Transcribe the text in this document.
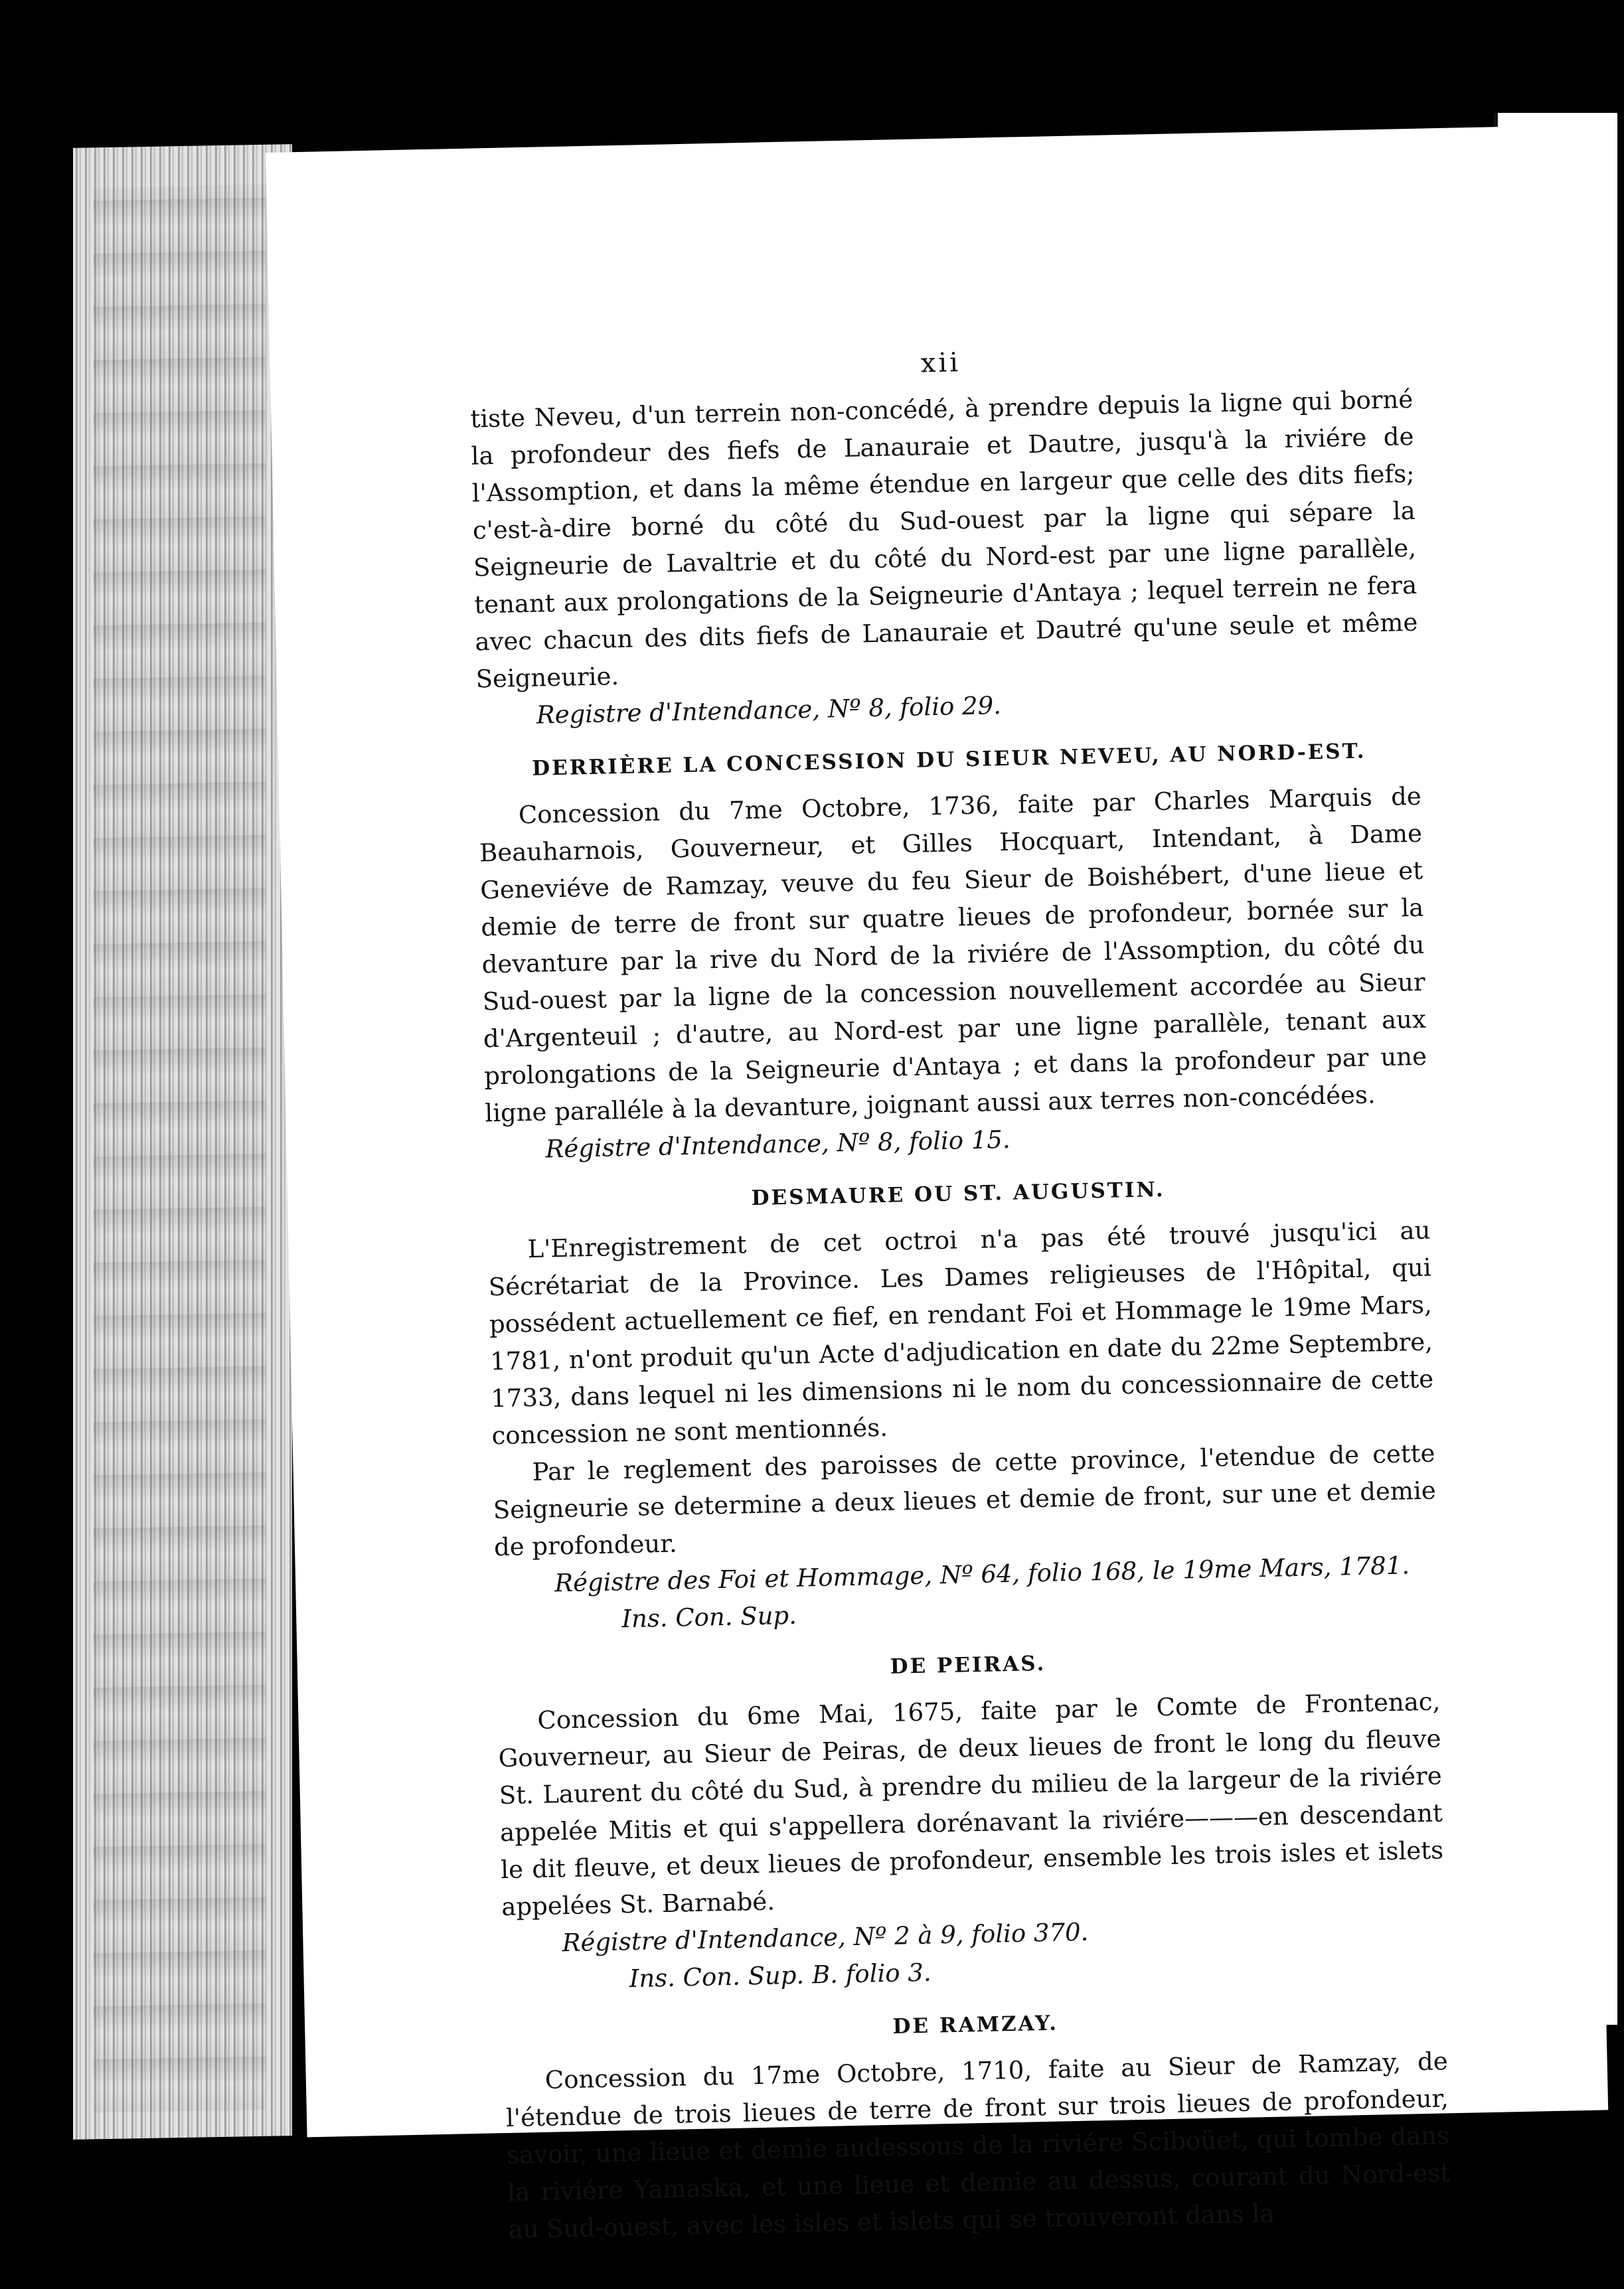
xii

tiste Neveu, d'un terrein non-concédé, à prendre depuis la ligne qui borné la profondeur des fiefs de Lanauraie et Dautre, jusqu'à la riviére de l'Assomption, et dans la même étendue en largeur que celle des dits fiefs; c'est-à-dire borné du côté du Sud-ouest par la ligne qui sépare la Seigneurie de Lavaltrie et du côté du Nord-est par une ligne parallèle, tenant aux prolongations de la Seigneurie d'Antaya ; lequel terrein ne fera avec chacun des dits fiefs de Lanauraie et Dautré qu'une seule et même Seigneurie.

Registre d'Intendance, Nº 8, folio 29.

DERRIÈRE LA CONCESSION DU SIEUR NEVEU, AU NORD-EST.

Concession du 7me Octobre, 1736, faite par Charles Marquis de Beauharnois, Gouverneur, et Gilles Hocquart, Intendant, à Dame Geneviéve de Ramzay, veuve du feu Sieur de Boishébert, d'une lieue et demie de terre de front sur quatre lieues de profondeur, bornée sur la devanture par la rive du Nord de la riviére de l'Assomption, du côté du Sud-ouest par la ligne de la concession nouvellement accordée au Sieur d'Argenteuil ; d'autre, au Nord-est par une ligne parallèle, tenant aux prolongations de la Seigneurie d'Antaya ; et dans la profondeur par une ligne paralléle à la devanture, joignant aussi aux terres non-concédées.

Régistre d'Intendance, Nº 8, folio 15.

DESMAURE OU ST. AUGUSTIN.

L'Enregistrement de cet octroi n'a pas été trouvé jusqu'ici au Sécrétariat de la Province. Les Dames religieuses de l'Hôpital, qui possédent actuellement ce fief, en rendant Foi et Hommage le 19me Mars, 1781, n'ont produit qu'un Acte d'adjudication en date du 22me Septembre, 1733, dans lequel ni les dimensions ni le nom du concessionnaire de cette concession ne sont mentionnés.

Par le reglement des paroisses de cette province, l'etendue de cette Seigneurie se determine a deux lieues et demie de front, sur une et demie de profondeur.

Régistre des Foi et Hommage, Nº 64, folio 168, le 19me Mars, 1781.

Ins. Con. Sup.

DE PEIRAS.

Concession du 6me Mai, 1675, faite par le Comte de Frontenac, Gouverneur, au Sieur de Peiras, de deux lieues de front le long du fleuve St. Laurent du côté du Sud, à prendre du milieu de la largeur de la riviére appelée Mitis et qui s'appellera dorénavant la riviére———en descendant le dit fleuve, et deux lieues de profondeur, ensemble les trois isles et islets appelées St. Barnabé.

Régistre d'Intendance, Nº 2 à 9, folio 370.

Ins. Con. Sup. B. folio 3.

DE RAMZAY.

Concession du 17me Octobre, 1710, faite au Sieur de Ramzay, de l'étendue de trois lieues de terre de front sur trois lieues de profondeur, savoir, une lieue et demie audessous de la riviére Sciboüet, qui tombe dans la riviére Yamaska, et une lieue et demie au dessus, courant du Nord-est au Sud-ouest, avec les isles et islets qui se trouveront dans la
